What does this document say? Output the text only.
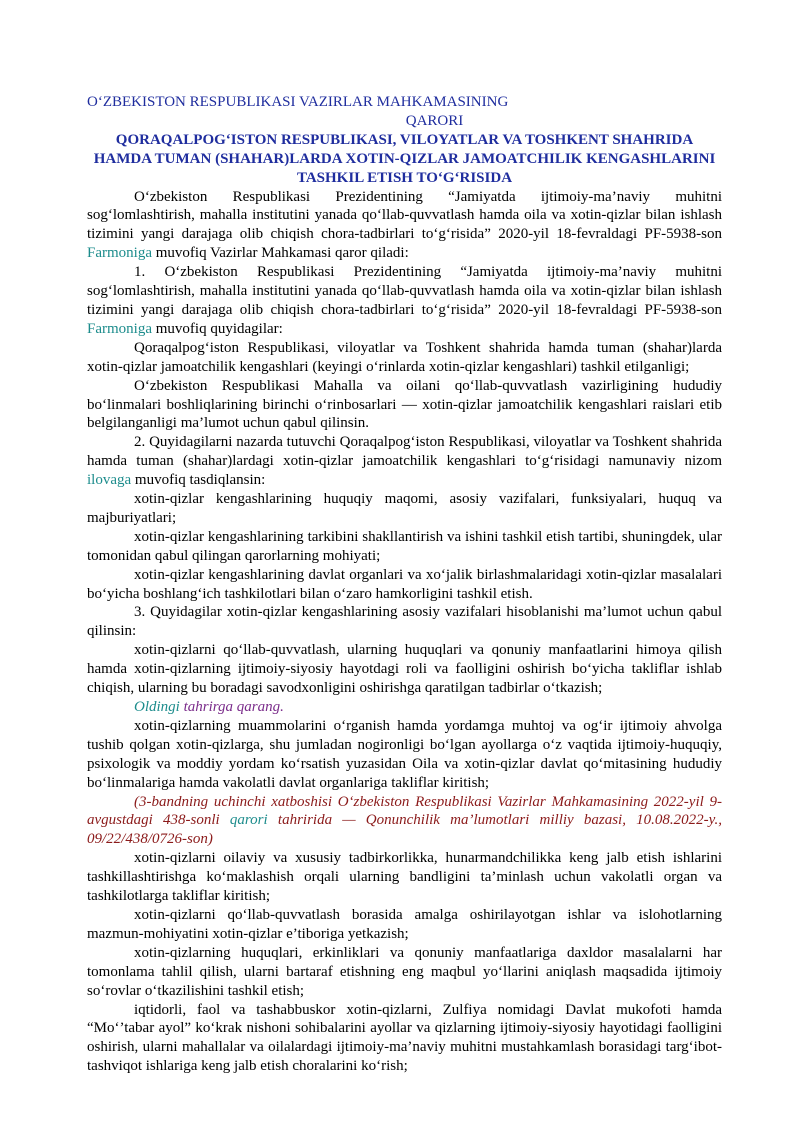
O‘ZBEKISTON RESPUBLIKASI VAZIRLAR MAHKAMASINING
QARORI
QORAQALPOG‘ISTON RESPUBLIKASI, VILOYATLAR VA TOSHKENT SHAHRIDA HAMDA TUMAN (SHAHAR)LARDA XOTIN-QIZLAR JAMOATCHILIK KENGASHLARINI TASHKIL ETISH TO‘G‘RISIDA

O‘zbekiston Respublikasi Prezidentining “Jamiyatda ijtimoiy-ma’naviy muhitni sog‘lomlashtirish, mahalla institutini yanada qo‘llab-quvvatlash hamda oila va xotin-qizlar bilan ishlash tizimini yangi darajaga olib chiqish chora-tadbirlari to‘g‘risida” 2020-yil 18-fevraldagi PF-5938-son Farmoniga muvofiq Vazirlar Mahkamasi qaror qiladi:

1. O‘zbekiston Respublikasi Prezidentining “Jamiyatda ijtimoiy-ma’naviy muhitni sog‘lomlashtirish, mahalla institutini yanada qo‘llab-quvvatlash hamda oila va xotin-qizlar bilan ishlash tizimini yangi darajaga olib chiqish chora-tadbirlari to‘g‘risida” 2020-yil 18-fevraldagi PF-5938-son Farmoniga muvofiq quyidagilar:

Qoraqalpog‘iston Respublikasi, viloyatlar va Toshkent shahrida hamda tuman (shahar)larda xotin-qizlar jamoatchilik kengashlari (keyingi o‘rinlarda xotin-qizlar kengashlari) tashkil etilganligi;

O‘zbekiston Respublikasi Mahalla va oilani qo‘llab-quvvatlash vazirligining hududiy bo‘linmalari boshliqlarining birinchi o‘rinbosarlari — xotin-qizlar jamoatchilik kengashlari raislari etib belgilanganligi ma’lumot uchun qabul qilinsin.

2. Quyidagilarni nazarda tutuvchi Qoraqalpog‘iston Respublikasi, viloyatlar va Toshkent shahrida hamda tuman (shahar)lardagi xotin-qizlar jamoatchilik kengashlari to‘g‘risidagi namunaviy nizom ilovaga muvofiq tasdiqlansin:

xotin-qizlar kengashlarining huquqiy maqomi, asosiy vazifalari, funksiyalari, huquq va majburiyatlari;

xotin-qizlar kengashlarining tarkibini shakllantirish va ishini tashkil etish tartibi, shuningdek, ular tomonidan qabul qilingan qarorlarning mohiyati;

xotin-qizlar kengashlarining davlat organlari va xo‘jalik birlashmalaridagi xotin-qizlar masalalari bo‘yicha boshlang‘ich tashkilotlari bilan o‘zaro hamkorligini tashkil etish.

3. Quyidagilar xotin-qizlar kengashlarining asosiy vazifalari hisoblanishi ma’lumot uchun qabul qilinsin:

xotin-qizlarni qo‘llab-quvvatlash, ularning huquqlari va qonuniy manfaatlarini himoya qilish hamda xotin-qizlarning ijtimoiy-siyosiy hayotdagi roli va faolligini oshirish bo‘yicha takliflar ishlab chiqish, ularning bu boradagi savodxonligini oshirishga qaratilgan tadbirlar o‘tkazish;

Oldingi tahrirga qarang.

xotin-qizlarning muammolarini o‘rganish hamda yordamga muhtoj va og‘ir ijtimoiy ahvolga tushib qolgan xotin-qizlarga, shu jumladan nogironligi bo‘lgan ayollarga o‘z vaqtida ijtimoiy-huquqiy, psixologik va moddiy yordam ko‘rsatish yuzasidan Oila va xotin-qizlar davlat qo‘mitasining hududiy bo‘linmalariga hamda vakolatli davlat organlariga takliflar kiritish;

(3-bandning uchinchi xatboshisi O‘zbekiston Respublikasi Vazirlar Mahkamasining 2022-yil 9-avgustdagi 438-sonli qarori tahririda — Qonunchilik ma’lumotlari milliy bazasi, 10.08.2022-y., 09/22/438/0726-son)

xotin-qizlarni oilaviy va xususiy tadbirkorlikka, hunarmandchilikka keng jalb etish ishlarini tashkillashtirishga ko‘maklashish orqali ularning bandligini ta’minlash uchun vakolatli organ va tashkilotlarga takliflar kiritish;

xotin-qizlarni qo‘llab-quvvatlash borasida amalga oshirilayotgan ishlar va islohotlarning mazmun-mohiyatini xotin-qizlar e’tiboriga yetkazish;

xotin-qizlarning huquqlari, erkinliklari va qonuniy manfaatlariga daxldor masalalarni har tomonlama tahlil qilish, ularni bartaraf etishning eng maqbul yo‘llarini aniqlash maqsadida ijtimoiy so‘rovlar o‘tkazilishini tashkil etish;

iqtidorli, faol va tashabbuskor xotin-qizlarni, Zulfiya nomidagi Davlat mukofoti hamda “Mo‘’tabar ayol” ko‘krak nishoni sohibalarini ayollar va qizlarning ijtimoiy-siyosiy hayotidagi faolligini oshirish, ularni mahallalar va oilalardagi ijtimoiy-ma’naviy muhitni mustahkamlash borasidagi targ‘ibot-tashviqot ishlariga keng jalb etish choralarini ko‘rish;
